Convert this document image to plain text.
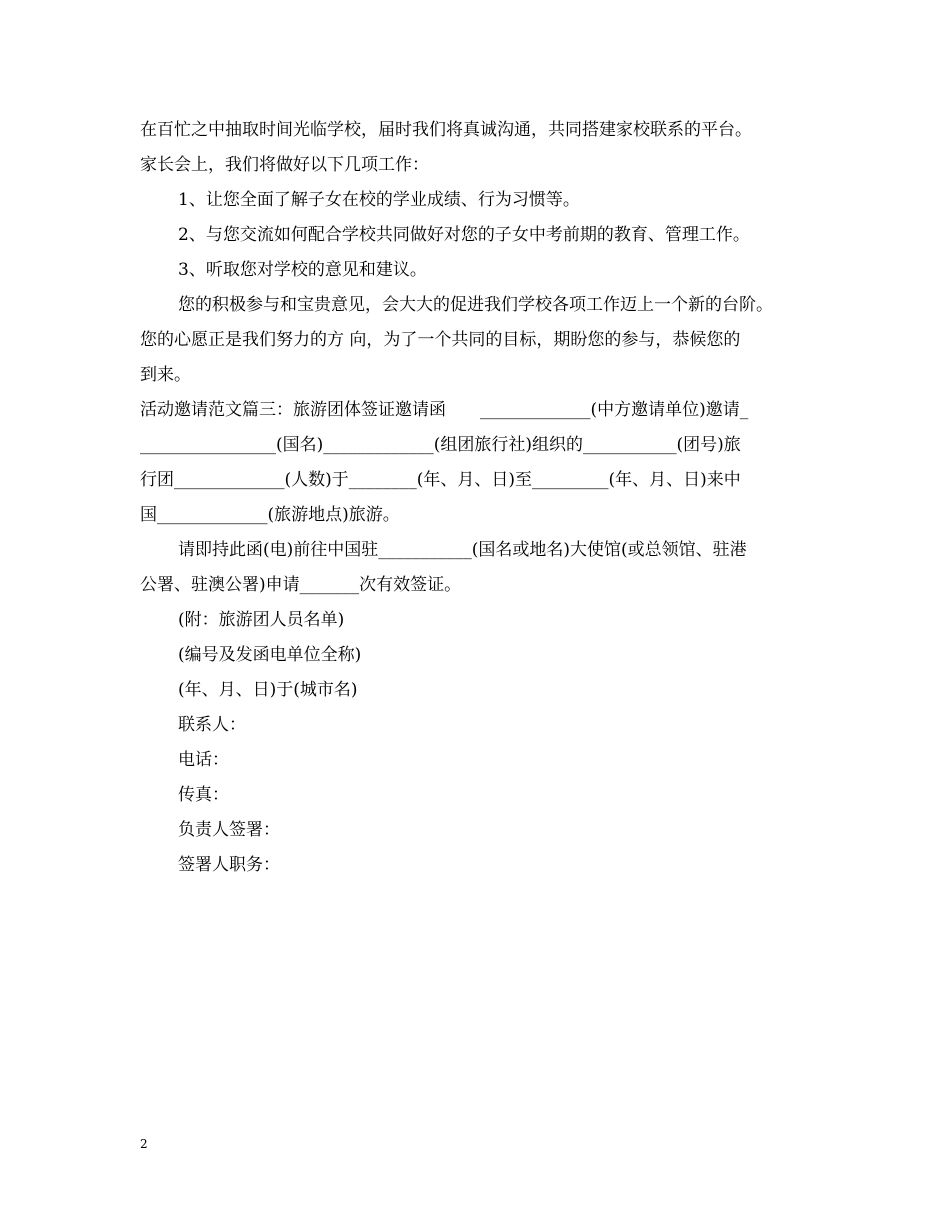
在百忙之中抽取时间光临学校，届时我们将真诚沟通，共同搭建家校联系的平台。
家长会上，我们将做好以下几项工作：
1、让您全面了解子女在校的学业成绩、行为习惯等。
2、与您交流如何配合学校共同做好对您的子女中考前期的教育、管理工作。
3、听取您对学校的意见和建议。
您的积极参与和宝贵意见，会大大的促进我们学校各项工作迈上一个新的台阶。
您的心愿正是我们努力的方 向，为了一个共同的目标，期盼您的参与，恭候您的
到来。
活动邀请范文篇三：旅游团体签证邀请函　　_____________(中方邀请单位)邀请_
________________(国名)_____________(组团旅行社)组织的___________(团号)旅
行团_____________(人数)于________(年、月、日)至_________(年、月、日)来中
国_____________(旅游地点)旅游。
请即持此函(电)前往中国驻___________(国名或地名)大使馆(或总领馆、驻港
公署、驻澳公署)申请_______次有效签证。
(附：旅游团人员名单)
(编号及发函电单位全称)
(年、月、日)于(城市名)
联系人：
电话：
传真：
负责人签署：
签署人职务：
2
